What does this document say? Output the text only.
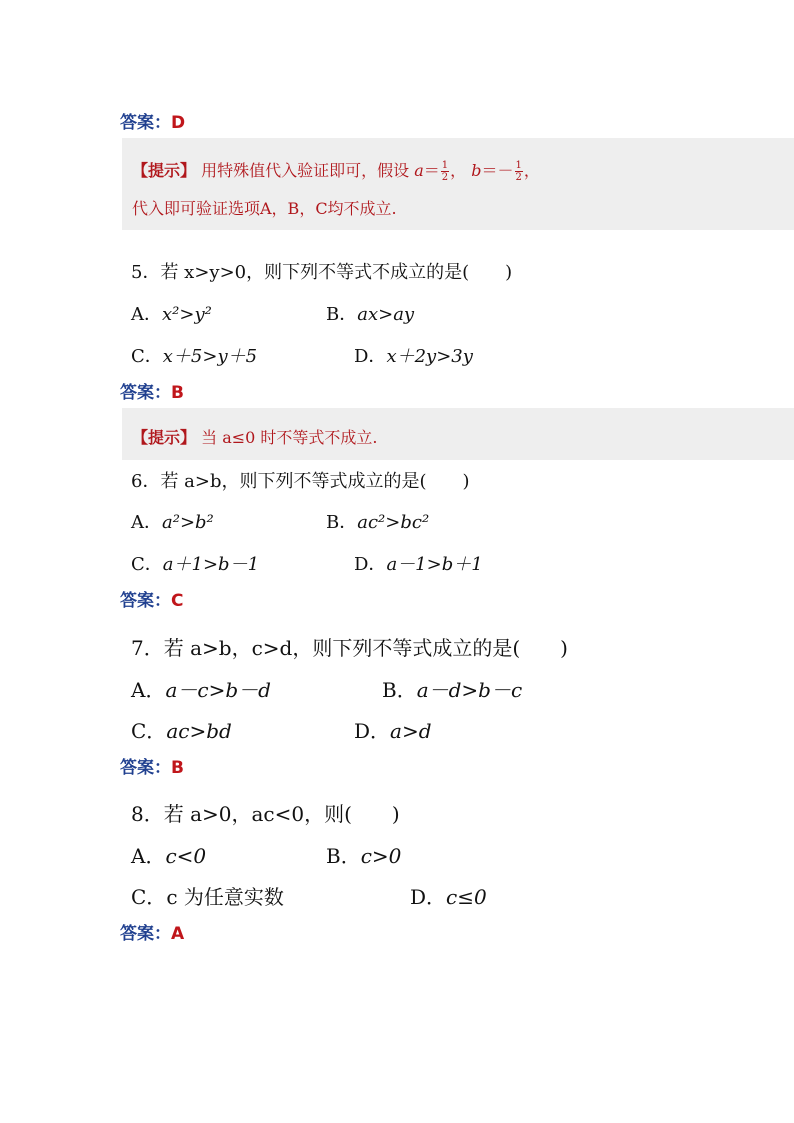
答案：D
【提示】 用特殊值代入验证即可，假设 $a= \frac{1}{2}$ ， $b=- \frac{1}{2}$ ，
代入即可验证选项A，B，C均不成立.
5．若 x>y>0，则下列不等式不成立的是(　　)
A．x²>y²	B．ax>ay
C．x＋5>y＋5	D．x＋2y>3y
答案：B
【提示】 当 a≤0 时不等式不成立.
6．若 a>b，则下列不等式成立的是(　　)
A．a²>b²	B．ac²>bc²
C．a＋1>b－1	D．a－1>b＋1
答案：C
7．若 a>b，c>d，则下列不等式成立的是(　　)
A．a－c>b－d	B．a－d>b－c
C．ac>bd	D．a>d
答案：B
8．若 a>0，ac<0，则(　　)
A．c<0	B．c>0
C．c 为任意实数	D．c≤0
答案：A
